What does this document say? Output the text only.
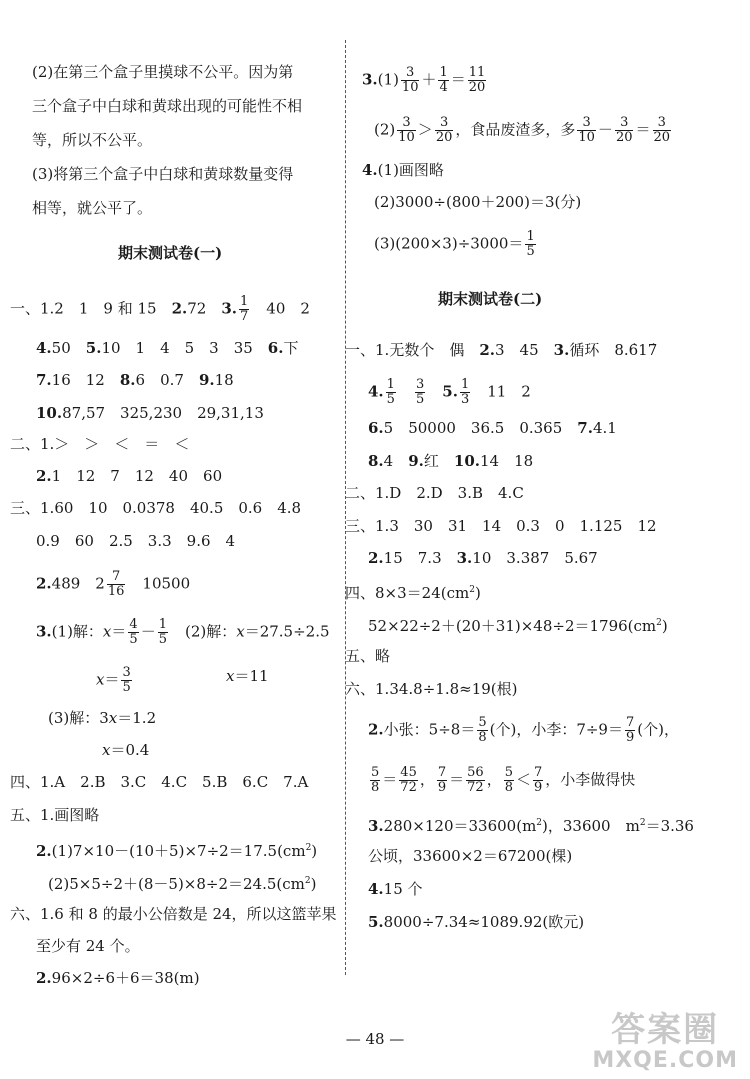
(2)在第三个盒子里摸球不公平。因为第
三个盒子中白球和黄球出现的可能性不相
等，所以不公平。
(3)将第三个盒子中白球和黄球数量变得
相等，就公平了。
期末测试卷(一)
一、1.2　1　9 和 15　2.72　3. $\frac{1}{7}$ 　40　2
4.50　5.10　1　4　5　3　35　6.下
7.16　12　8.6　0.7　9.18
10.87,57　325,230　29,31,13
二、1.＞　＞　＜　＝　＜
2.1　12　7　12　40　60
三、1.60　10　0.0378　40.5　0.6　4.8
0.9　60　2.5　3.3　9.6　4
2.489　$2 \frac{7}{16}$ 　10500
3.(1)解：$x= \frac{4}{5} - \frac{1}{5}$ 　(2)解：x＝27.5÷2.5
$x= \frac{3}{5}$	x＝11
(3)解：3x＝1.2
x＝0.4
四、1.A　2.B　3.C　4.C　5.B　6.C　7.A
五、1.画图略
$2.(1)7\times 10-(10+5)\times 7\div 2=17.5(cm^2)$
$(2)5\times 5\div 2+(8-5)\times 8\div 2=24.5(cm^2)$
六、1.6 和 8 的最小公倍数是 24，所以这篮苹果
至少有 24 个。
2.96×2÷6＋6＝38(m)
$3.(1) \frac{3}{10} + \frac{1}{4} = \frac{11}{20}$
$(2) \frac{3}{10} > \frac{3}{20}$ ，食品废渣多，多 $\frac{3}{10} - \frac{3}{20} = \frac{3}{20}$
4.(1)画图略
(2)3000÷(800＋200)＝3(分)
$(3)(200\times 3)\div 3000= \frac{1}{5}$
期末测试卷(二)
一、1.无数个　偶　2.3　45　3.循环　8.6̇17̇
4. $\frac{1}{5}$
　 $\frac{3}{5}$
　 5. $\frac{1}{3}$ 　11　2
6.5　50000　36.5　0.365　7.4.1
8.4　9.红　10.14　18
二、1.D　2.D　3.B　4.C
三、1.3　30　31　14　0.3　0　1.125　12
2.15　7.3　3.10　3.387　5.67
四、$8\times 3=24(cm^2)$
$52\times 22\div 2+(20+31)\times 48\div 2=1796(cm^2)$
五、略
六、1.34.8÷1.8≈19(根)
2.小张：$5\div 8= \frac{5}{8}$ (个)，小李：$7\div 9= \frac{7}{9}$ (个)，
$\frac{5}{8} = \frac{45}{72}$ ， $\frac{7}{9} = \frac{56}{72}$ ， $\frac{5}{8} < \frac{7}{9}$ ，小李做得快
$3.280\times 120=33600(m^2)$，33600　$m^2=3.36$
公顷，33600×2＝67200(棵)
4.15 个
5.8000÷7.34≈1089.92(欧元)
— 48 —	答案圈
MXQE.COM
